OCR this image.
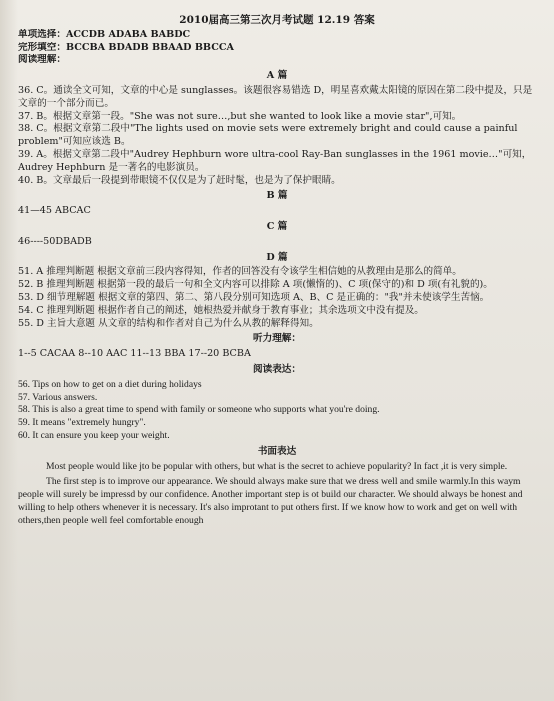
2010届高三第三次月考试题 12.19 答案
单项选择：ACCDB ADABA BABDC
完形填空：BCCBA BDADB BBAAD BBCCA
阅读理解：
A 篇
36. C。通读全文可知，文章的中心是 sunglasses。该题很容易错选 D，明星喜欢戴太阳镜的原因在第二段中提及，只是文章的一个部分而已。
37. B。根据文章第一段。"She was not sure…,but she wanted to look like a movie star",可知。
38. C。根据文章第二段中"The lights used on movie sets were extremely bright and could cause a painful problem"可知应该选 B。
39. A。根据文章第二段中"Audrey Hephburn wore ultra-cool Ray-Ban sunglasses in the 1961 movie…"可知，Audrey Hephburn 是一著名的电影演员。
40. B。文章最后一段提到带眼镜不仅仅是为了赶时髦，也是为了保护眼睛。
B 篇
41—45 ABCAC
C 篇
46----50DBADB
D 篇
51. A 推理判断题 根据文章前三段内容得知，作者的回答没有令该学生相信她的从教理由是那么的简单。
52. B 推理判断题 根据第一段的最后一句和全文内容可以排除 A 项(懒惰的)、C 项(保守的)和 D 项(有礼貌的)。
53. D 细节理解题 根据文章的第四、第二、第八段分别可知选项 A、B、C 是正确的："我"并未使该学生苦恼。
54. C 推理判断题 根据作者自己的阐述，她根热爱并献身于教育事业；其余选项文中没有提及。
55. D 主旨大意题 从文章的结构和作者对自己为什么从教的解释得知。
听力理解：
1--5 CACAA 8--10 AAC 11--13 BBA 17--20 BCBA
阅读表达：
56. Tips on how to get on a diet during holidays
57. Various answers.
58. This is also a great time to spend with family or someone who supports what you're doing.
59. It means "extremely hungry".
60. It can ensure you keep your weight.
书面表达
Most people would like jto be popular with others, but what is the secret to achieve popularity? In fact ,it is very simple.
The first step is to improve our appearance. We should always make sure that we dress well and smile warmly.In this waym people will surely be impressd by our confidence. Another important step is ot build our character. We should always be honest and willing to help others whenever it is necessary. It's also improtant to put others first. If we know how to work and get on well with others,then people well feel comfortable enough
